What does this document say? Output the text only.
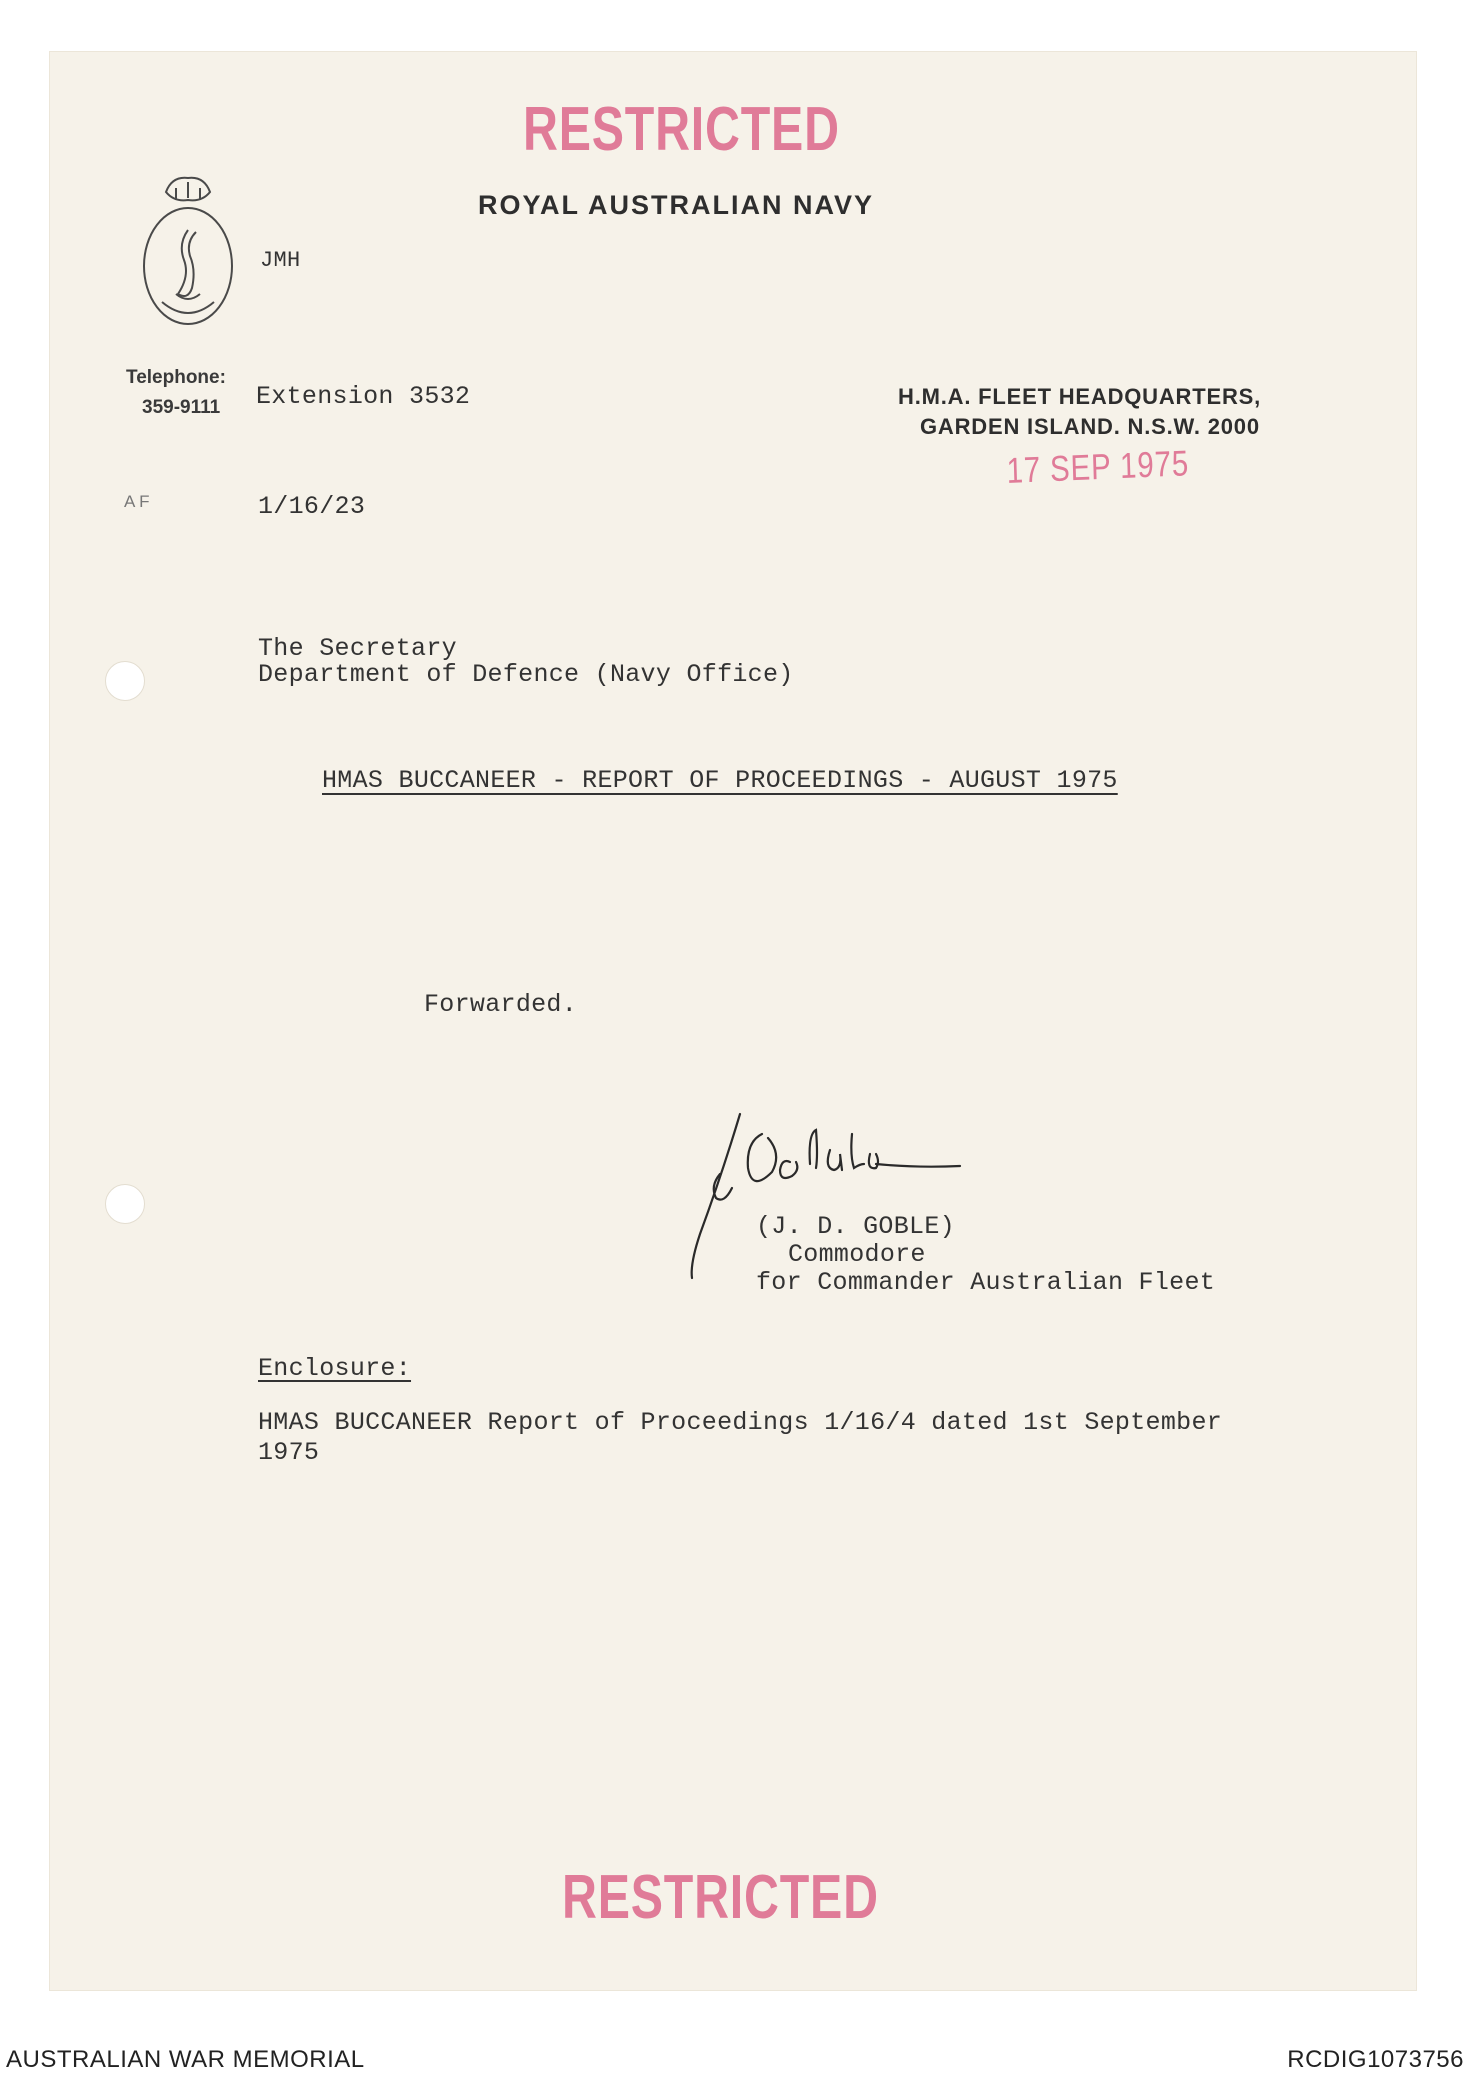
RESTRICTED
ROYAL AUSTRALIAN NAVY
JMH
Telephone:
359-9111 Extension 3532	H.M.A. FLEET HEADQUARTERS,
GARDEN ISLAND. N.S.W. 2000
17 SEP 1975
A F	1/16/23
The Secretary
Department of Defence (Navy Office)
HMAS BUCCANEER - REPORT OF PROCEEDINGS - AUGUST 1975
Forwarded.
(J. D. GOBLE)
Commodore
for Commander Australian Fleet
Enclosure:
HMAS BUCCANEER Report of Proceedings 1/16/4 dated 1st September
1975
RESTRICTED
AUSTRALIAN WAR MEMORIAL	RCDIG1073756
